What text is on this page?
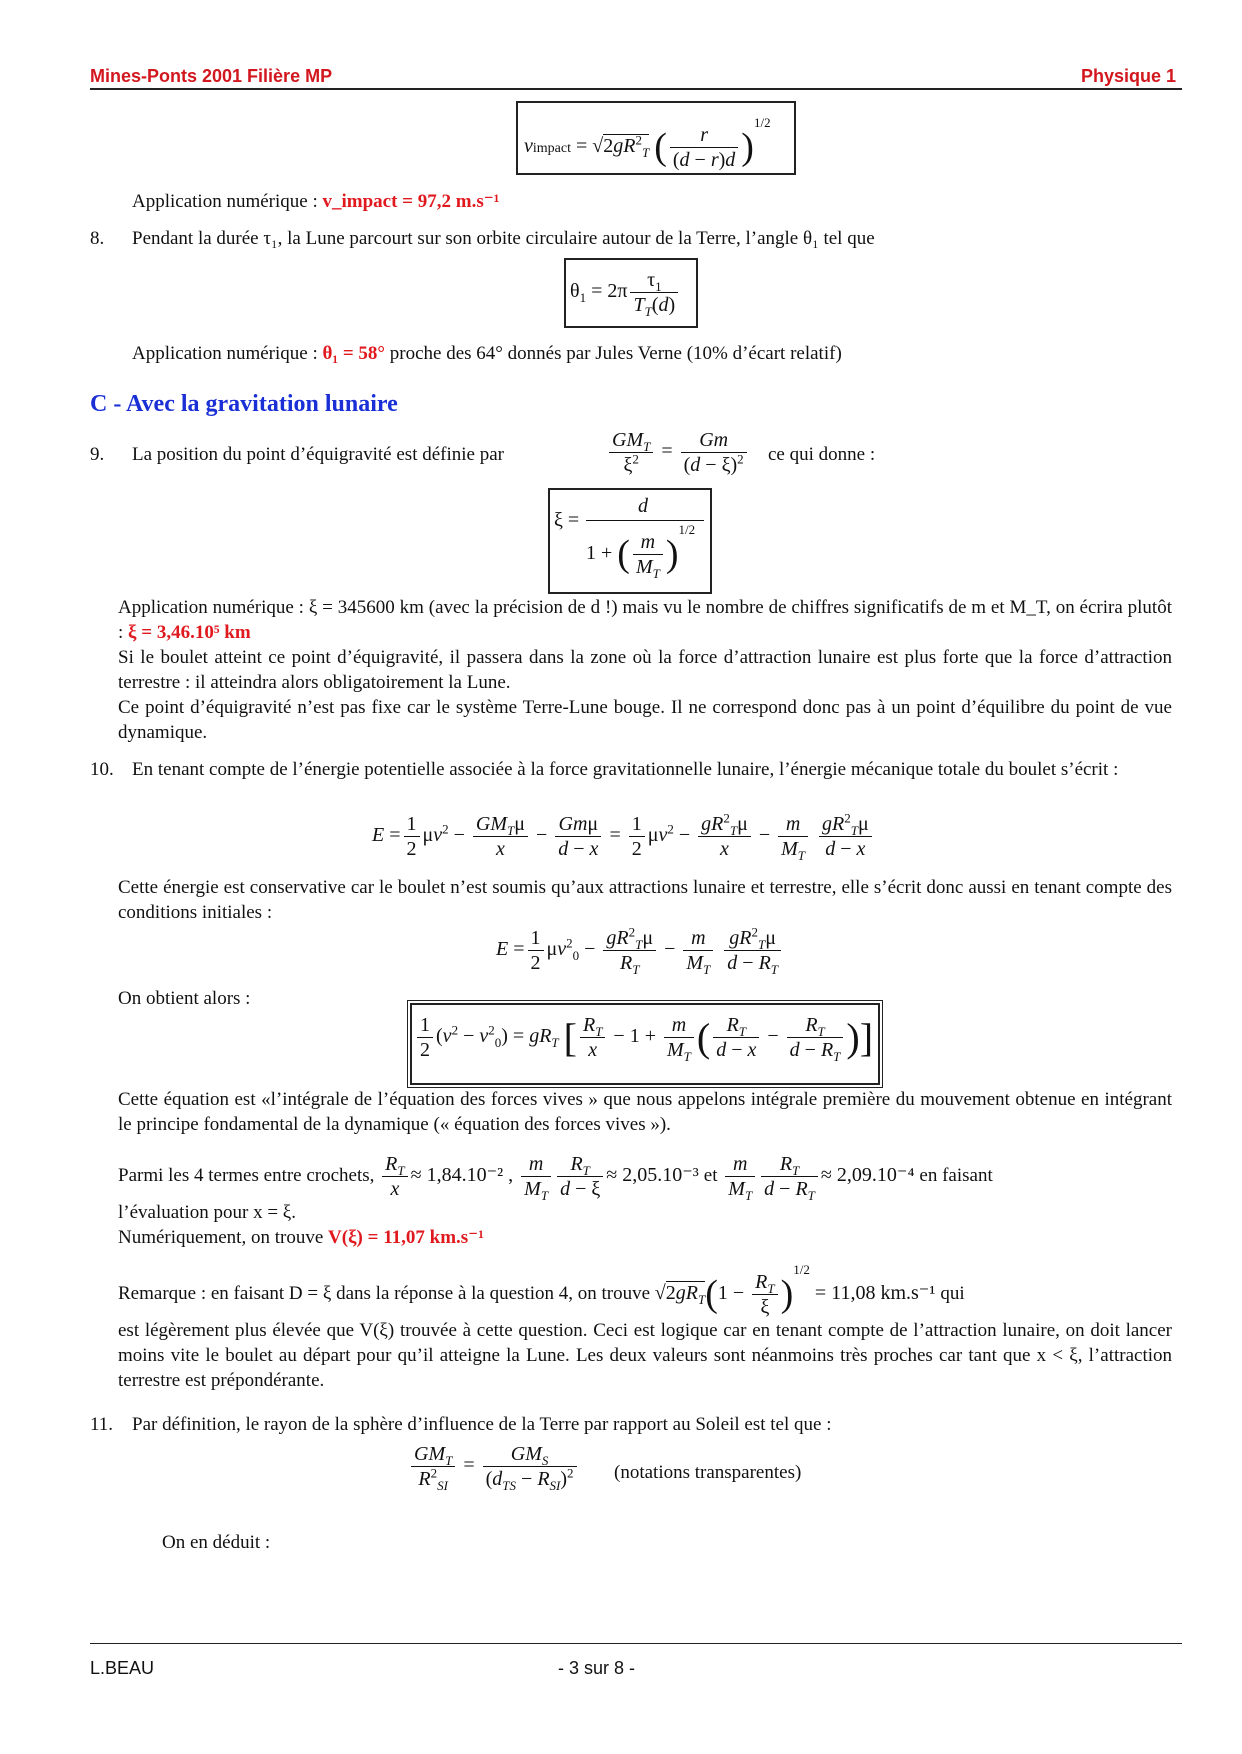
Mines-Ponts 2001 Filière MP	Physique 1
vimpact = $√2gR^2_T$ ( $\frac{r}{(d - r)d} )^{1/2}$
Application numérique : v_impact = 97,2 m.s⁻¹
8. Pendant la durée τ₁, la Lune parcourt sur son orbite circulaire autour de la Terre, l’angle θ₁ tel que
$\theta_1 = 2\pi \frac{\tau_1}{T_T(d)}$
Application numérique : θ₁ = 58° proche des 64° donnés par Jules Verne (10% d’écart relatif)
C - Avec la gravitation lunaire
9. La position du point d’équigravité est définie par
$GM_T$
$\xi^2 = \frac{Gm}{(d - \xi)^2}$ ce qui donne :
ξ =
d
1 + ( $\frac{m}{M_T} )^{1/2}$
Application numérique : ξ = 345600 km (avec la précision de d !) mais vu le nombre de chiffres significatifs de m et M_T, on écrira plutôt : ξ = 3,46.10⁵ km
Si le boulet atteint ce point d’équigravité, il passera dans la zone où la force d’attraction lunaire est plus forte que la force d’attraction terrestre : il atteindra alors obligatoirement la Lune.
Ce point d’équigravité n’est pas fixe car le système Terre-Lune bouge. Il ne correspond donc pas à un point d’équilibre du point de vue dynamique.
10. En tenant compte de l’énergie potentielle associée à la force gravitationnelle lunaire, l’énergie mécanique totale du boulet s’écrit :
$E = \frac{1}{2} \mu v^2$ −
$GM_T\mu$
x
−
Gmμ
d − x
= $\frac{1}{2} \mu v^2 - \frac{gR^2_T\mu}{x} - \frac{m}{M_T}$
$\frac{gR^2_T\mu}{d - x}$
Cette énergie est conservative car le boulet n’est soumis qu’aux attractions lunaire et terrestre, elle s’écrit donc aussi en tenant compte des conditions initiales :
$E = \frac{1}{2} \mu v^2_0 - \frac{gR^2_T\mu}{R_T} - \frac{m}{M_T}$
$\frac{gR^2_T\mu}{d - R_T}$
On obtient alors :
$\frac{1}{2} (v^2 - v^2_0) = gR_T$ [ $\frac{R_T}{x} - 1 + \frac{m}{M_T}$ ( $\frac{R_T}{d - x} - \frac{R_T}{d - R_T}$ )]
Cette équation est «l’intégrale de l’équation des forces vives » que nous appelons intégrale première du mouvement obtenue en intégrant le principe fondamental de la dynamique (« équation des forces vives »).
Parmi les 4 termes entre crochets, $\frac{R_T}{x} \approx 1,84.10^{-2}$ , $\frac{m}{M_T} \frac{R_T}{d - \xi} \approx 2,05.10^{-3}$ et $\frac{m}{M_T} \frac{R_T}{d - R_T} \approx 2,09.10^{-4}$ en faisant
l’évaluation pour x = ξ.
Numériquement, on trouve V(ξ) = 11,07 km.s⁻¹
Remarque : en faisant D = ξ dans la réponse à la question 4, on trouve $√2gR_T(1 - \frac{R_T}{\xi} )^{1/2} = 11,08$ km.s⁻¹ qui
est légèrement plus élevée que V(ξ) trouvée à cette question. Ceci est logique car en tenant compte de l’attraction lunaire, on doit lancer moins vite le boulet au départ pour qu’il atteigne la Lune. Les deux valeurs sont néanmoins très proches car tant que x < ξ, l’attraction terrestre est prépondérante.
11. Par définition, le rayon de la sphère d’influence de la Terre par rapport au Soleil est tel que :
$GM_T$
$R^2_{SI}$
=
$GM_S$
$(d_{TS} - R_{SI})^2$ (notations transparentes)
On en déduit :
L.BEAU	- 3 sur 8 -
